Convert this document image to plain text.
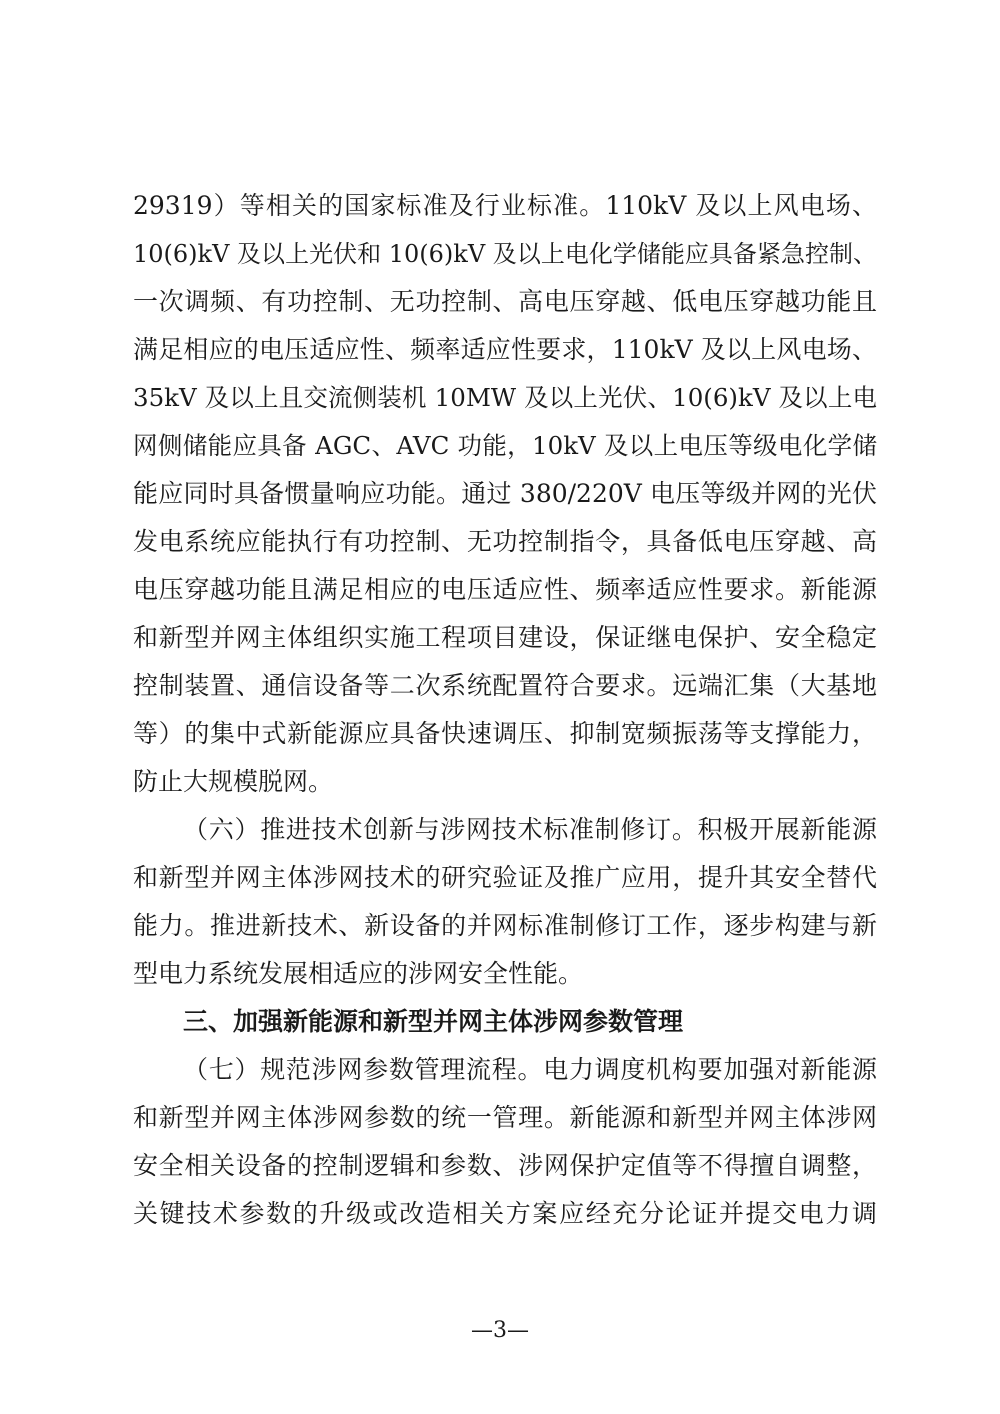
29319）等相关的国家标准及行业标准。110kV 及以上风电场、
10(6)kV 及以上光伏和 10(6)kV 及以上电化学储能应具备紧急控制、
一次调频、有功控制、无功控制、高电压穿越、低电压穿越功能且
满足相应的电压适应性、频率适应性要求，110kV 及以上风电场、
35kV 及以上且交流侧装机 10MW 及以上光伏、10(6)kV 及以上电
网侧储能应具备 AGC、AVC 功能，10kV 及以上电压等级电化学储
能应同时具备惯量响应功能。通过 380/220V 电压等级并网的光伏
发电系统应能执行有功控制、无功控制指令，具备低电压穿越、高
电压穿越功能且满足相应的电压适应性、频率适应性要求。新能源
和新型并网主体组织实施工程项目建设，保证继电保护、安全稳定
控制装置、通信设备等二次系统配置符合要求。远端汇集（大基地
等）的集中式新能源应具备快速调压、抑制宽频振荡等支撑能力，
防止大规模脱网。
（六）推进技术创新与涉网技术标准制修订。积极开展新能源
和新型并网主体涉网技术的研究验证及推广应用，提升其安全替代
能力。推进新技术、新设备的并网标准制修订工作，逐步构建与新
型电力系统发展相适应的涉网安全性能。
三、加强新能源和新型并网主体涉网参数管理
（七）规范涉网参数管理流程。电力调度机构要加强对新能源
和新型并网主体涉网参数的统一管理。新能源和新型并网主体涉网
安全相关设备的控制逻辑和参数、涉网保护定值等不得擅自调整，
关键技术参数的升级或改造相关方案应经充分论证并提交电力调
—3—
